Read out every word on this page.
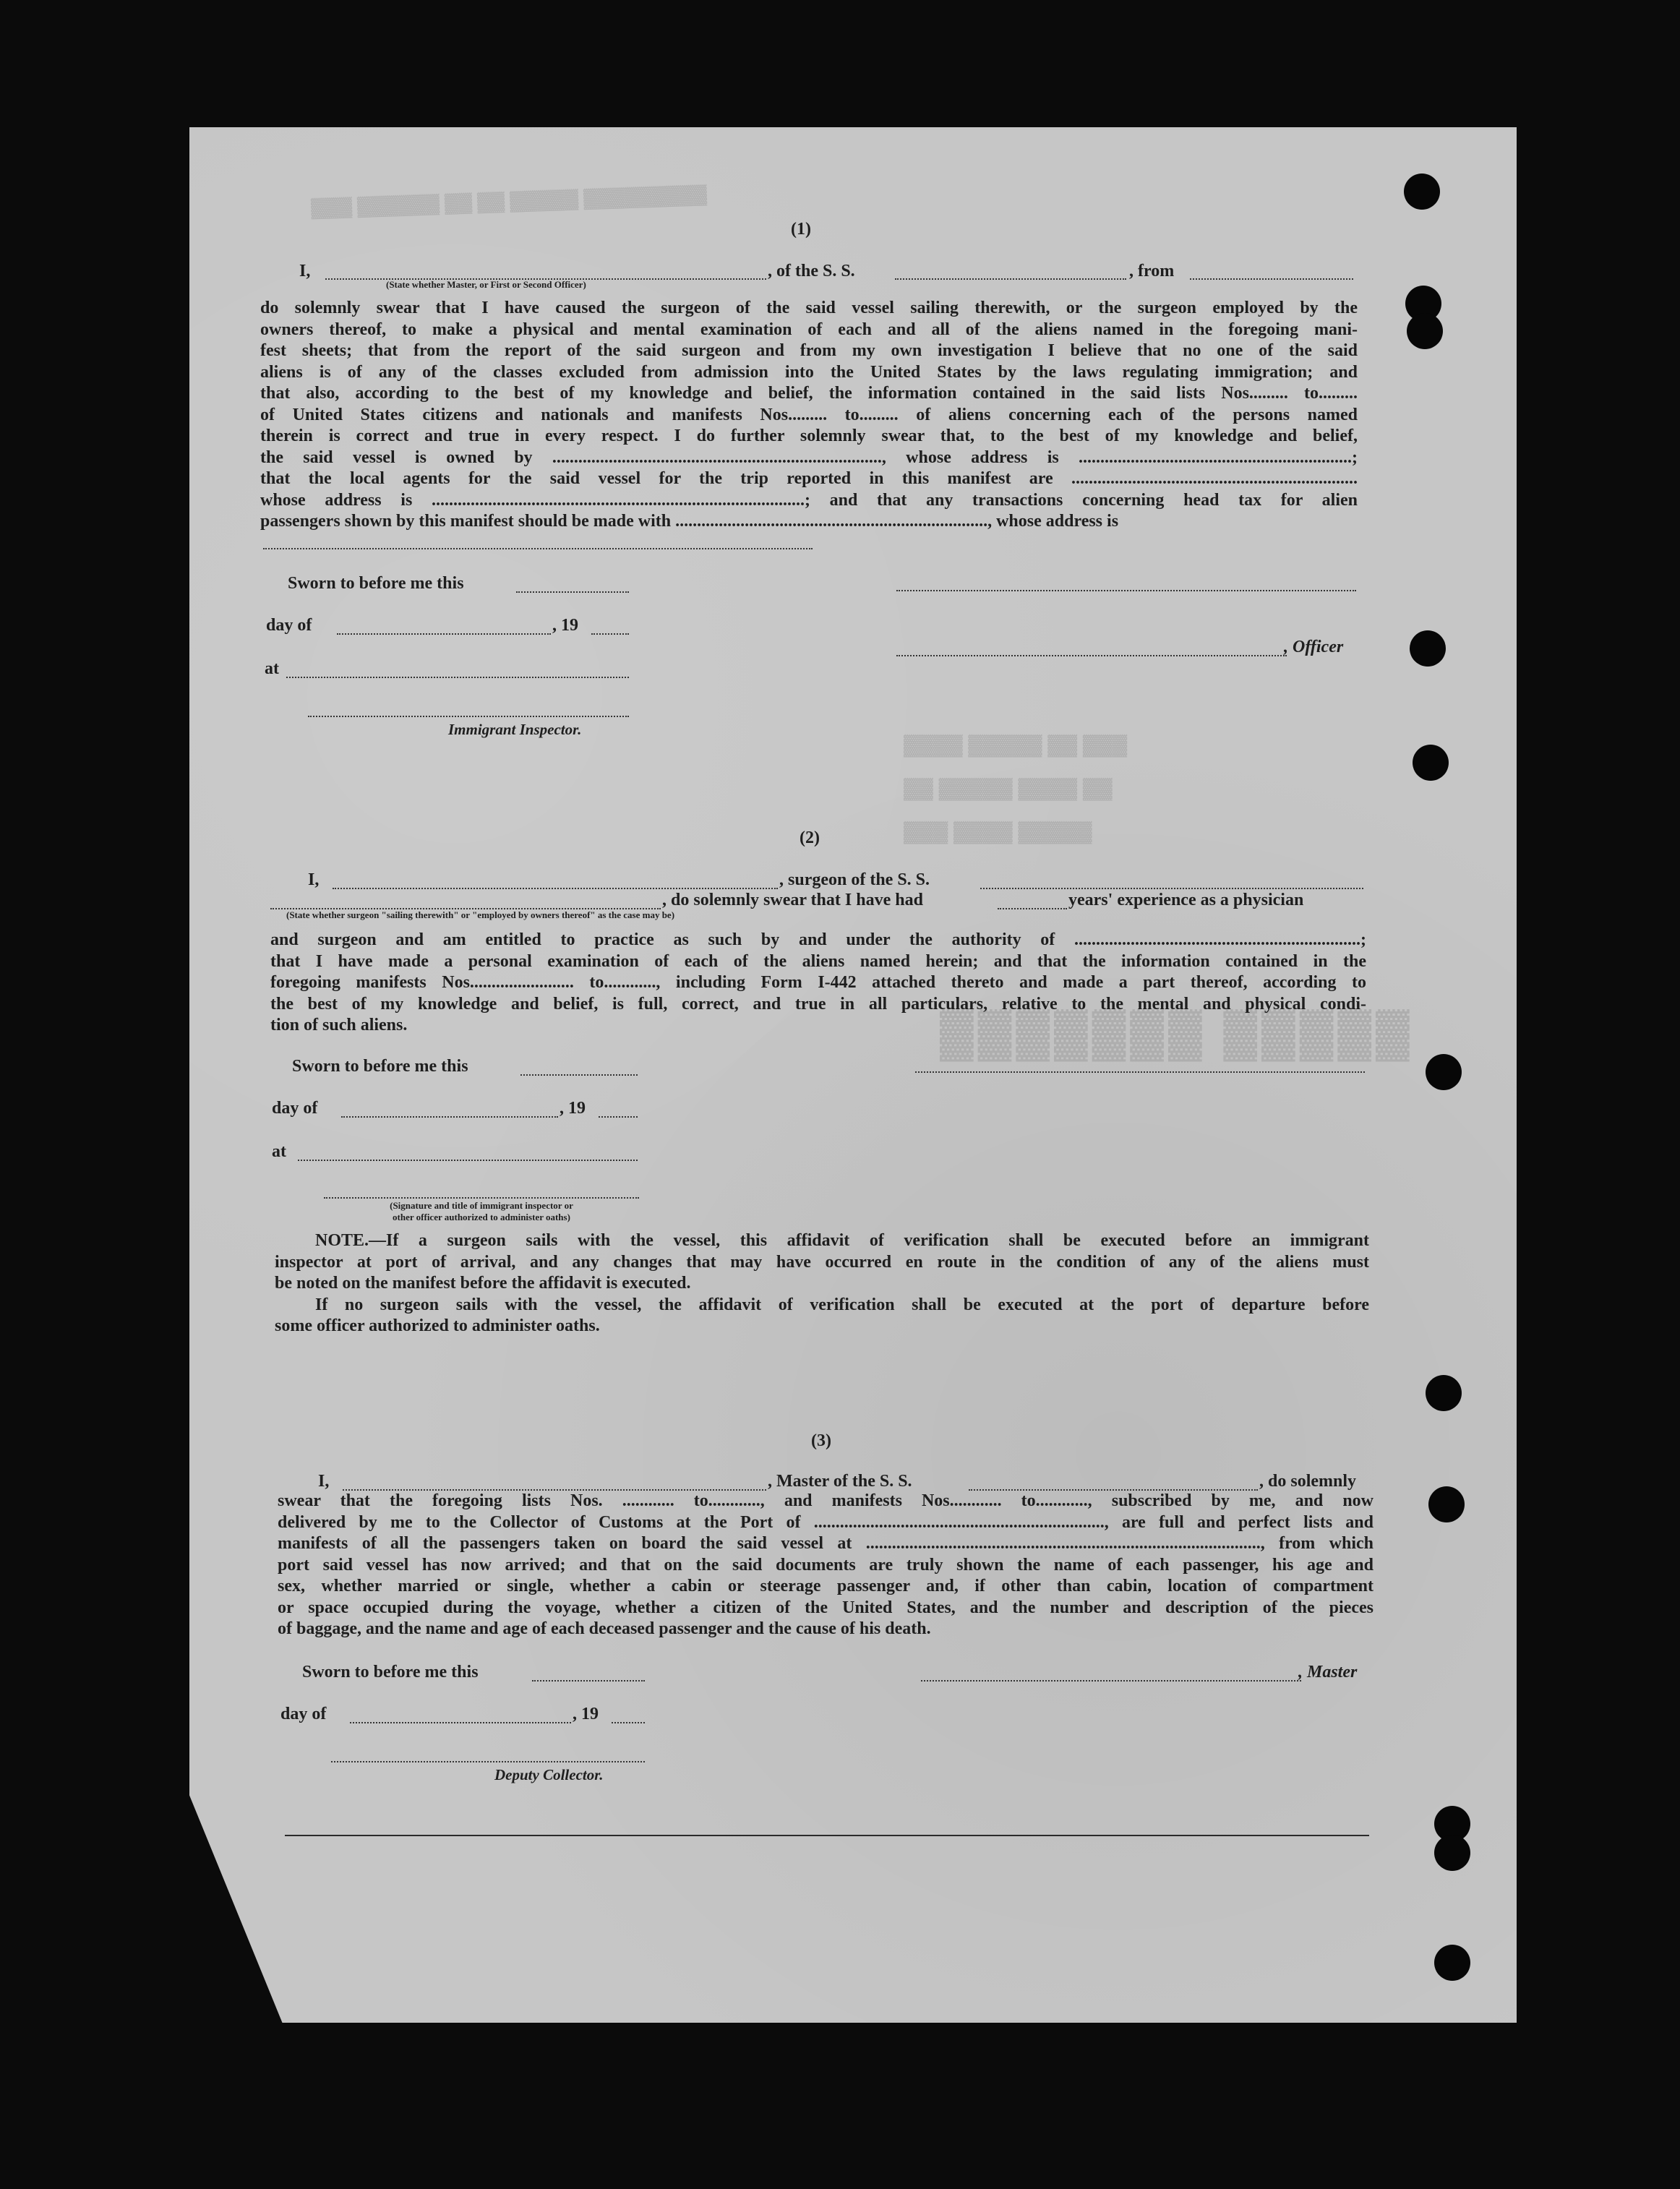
▓▓▓ ▓▓▓▓▓▓ ▓▓ ▓▓ ▓▓▓▓▓ ▓▓▓▓▓▓▓▓▓
▓▓▓▓▓▓▓ ▓▓▓▓▓
▓▓▓▓ ▓▓▓▓▓ ▓▓ ▓▓▓
▓▓ ▓▓▓▓▓ ▓▓▓▓ ▓▓
▓▓▓ ▓▓▓▓ ▓▓▓▓▓
(1)
I,	, of the S. S.	, from
(State whether Master, or First or Second Officer)
do solemnly swear that I have caused the surgeon of the said vessel sailing therewith, or the surgeon employed by the
owners thereof, to make a physical and mental examination of each and all of the aliens named in the foregoing mani-
fest sheets; that from the report of the said surgeon and from my own investigation I believe that no one of the said
aliens is of any of the classes excluded from admission into the United States by the laws regulating immigration; and
that also, according to the best of my knowledge and belief, the information contained in the said lists Nos......... to.........
of United States citizens and nationals and manifests Nos......... to......... of aliens concerning each of the persons named
therein is correct and true in every respect. I do further solemnly swear that, to the best of my knowledge and belief,
the said vessel is owned by ............................................................................, whose address is ...............................................................;
that the local agents for the said vessel for the trip reported in this manifest are ..................................................................
whose address is ......................................................................................; and that any transactions concerning head tax for alien
passengers shown by this manifest should be made with ........................................................................, whose address is
Sworn to before me this
day of	, 19
at
Immigrant Inspector.
, Officer
(2)
I,	, surgeon of the S. S.
, do solemnly swear that I have had	years' experience as a physician
(State whether surgeon "sailing therewith" or "employed by owners thereof" as the case may be)
and surgeon and am entitled to practice as such by and under the authority of ..................................................................;
that I have made a personal examination of each of the aliens named herein; and that the information contained in the
foregoing manifests Nos........................ to............, including Form I-442 attached thereto and made a part thereof, according to
the best of my knowledge and belief, is full, correct, and true in all particulars, relative to the mental and physical condi-
tion of such aliens.
Sworn to before me this
day of	, 19
at
(Signature and title of immigrant inspector or
other officer authorized to administer oaths)
NOTE.—If a surgeon sails with the vessel, this affidavit of verification shall be executed before an immigrant
inspector at port of arrival, and any changes that may have occurred en route in the condition of any of the aliens must
be noted on the manifest before the affidavit is executed.
If no surgeon sails with the vessel, the affidavit of verification shall be executed at the port of departure before
some officer authorized to administer oaths.
(3)
I,	, Master of the S. S.	, do solemnly
swear that the foregoing lists Nos. ............ to............, and manifests Nos............ to............, subscribed by me, and now
delivered by me to the Collector of Customs at the Port of ..................................................................., are full and perfect lists and
manifests of all the passengers taken on board the said vessel at ..........................................................................................., from which
port said vessel has now arrived; and that on the said documents are truly shown the name of each passenger, his age and
sex, whether married or single, whether a cabin or steerage passenger and, if other than cabin, location of compartment
or space occupied during the voyage, whether a citizen of the United States, and the number and description of the pieces
of baggage, and the name and age of each deceased passenger and the cause of his death.
Sworn to before me this	, Master
day of	, 19
Deputy Collector.
